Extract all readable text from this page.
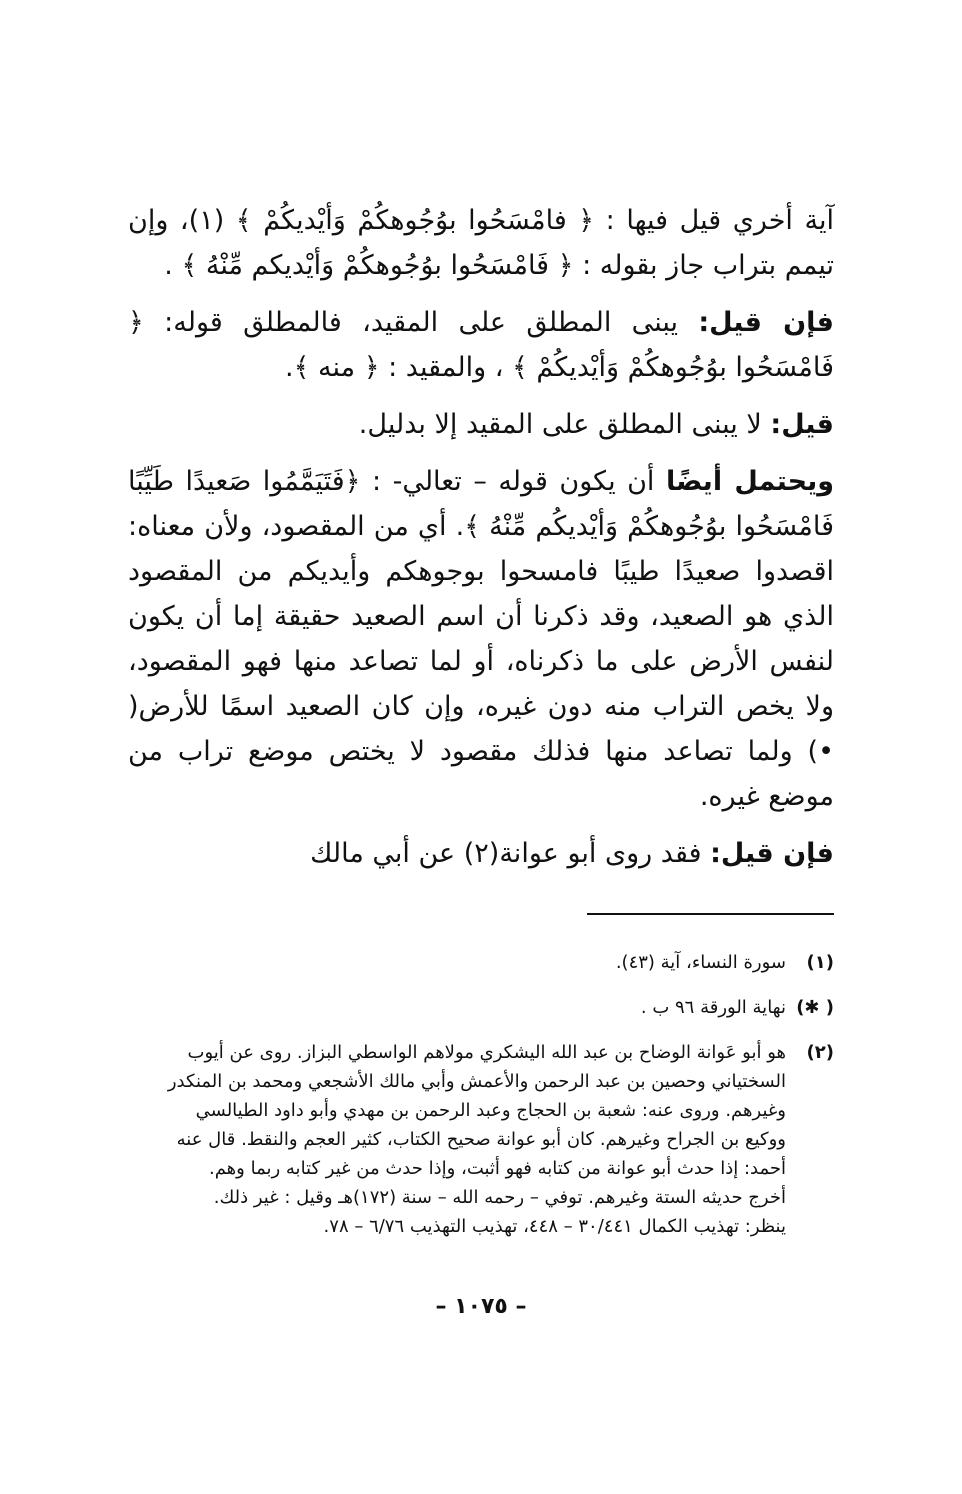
آية أخري قيل فيها : ﴿ فامْسَحُوا بوُجُوهكُمْ وَأيْديكُمْ ﴾ (١)، وإن تيمم بتراب جاز بقوله : ﴿ فَامْسَحُوا بوُجُوهكُمْ وَأيْديكم مِّنْهُ ﴾ .

فإن قيل: يبنى المطلق على المقيد، فالمطلق قوله: ﴿ فَامْسَحُوا بوُجُوهكُمْ وَأيْديكُمْ ﴾ ، والمقيد : ﴿ منه ﴾.

قيل: لا يبنى المطلق على المقيد إلا بدليل.

ويحتمل أيضًا أن يكون قوله – تعالي- : ﴿فَتَيَمَّمُوا صَعيدًا طَيِّبًا فَامْسَحُوا بوُجُوهكُمْ وَأيْديكُم مِّنْهُ ﴾. أي من المقصود، ولأن معناه: اقصدوا صعيدًا طيبًا فامسحوا بوجوهكم وأيديكم من المقصود الذي هو الصعيد، وقد ذكرنا أن اسم الصعيد حقيقة إما أن يكون لنفس الأرض على ما ذكرناه، أو لما تصاعد منها فهو المقصود، ولا يخص التراب منه دون غيره، وإن كان الصعيد اسمًا للأرض( •) ولما تصاعد منها فذلك مقصود لا يختص موضع تراب من موضع غيره.

فإن قيل: فقد روى أبو عوانة(٢) عن أبي مالك

(١)
سورة النساء، آية (٤٣).
( ✱)
نهاية الورقة ٩٦ ب .
(٢)
هو أبو عَوانة الوضاح بن عبد الله اليشكري مولاهم الواسطي البزاز. روى عن أيوب
السختياني وحصين بن عبد الرحمن والأعمش وأبي مالك الأشجعي ومحمد بن المنكدر
وغيرهم. وروى عنه: شعبة بن الحجاج وعبد الرحمن بن مهدي وأبو داود الطيالسي
ووكيع بن الجراح وغيرهم. كان أبو عوانة صحيح الكتاب، كثير العجم والنقط. قال عنه
أحمد: إذا حدث أبو عوانة من كتابه فهو أثبت، وإذا حدث من غير كتابه ربما وهم.
أخرج حديثه الستة وغيرهم. توفي – رحمه الله – سنة (١٧٢)هـ وقيل : غير ذلك.
ينظر: تهذيب الكمال ٣٠/٤٤١ – ٤٤٨، تهذيب التهذيب ٦/٧٦ – ٧٨.
– ١٠٧٥ –
